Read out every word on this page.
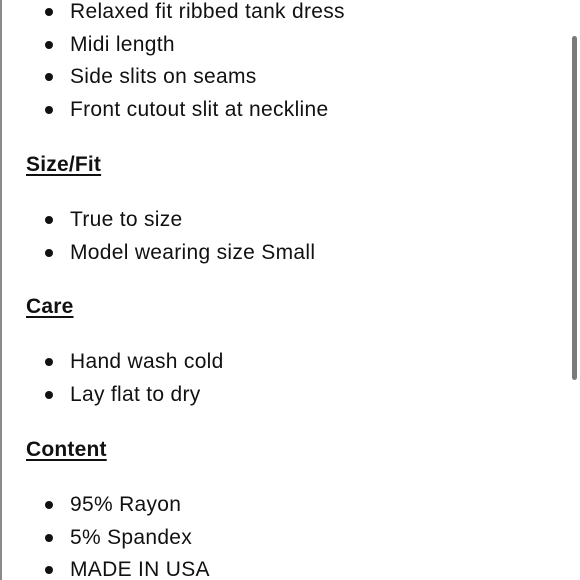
Relaxed fit ribbed tank dress
Midi length
Side slits on seams
Front cutout slit at neckline
Size/Fit
True to size
Model wearing size Small
Care
Hand wash cold
Lay flat to dry
Content
95% Rayon
5% Spandex
MADE IN USA
